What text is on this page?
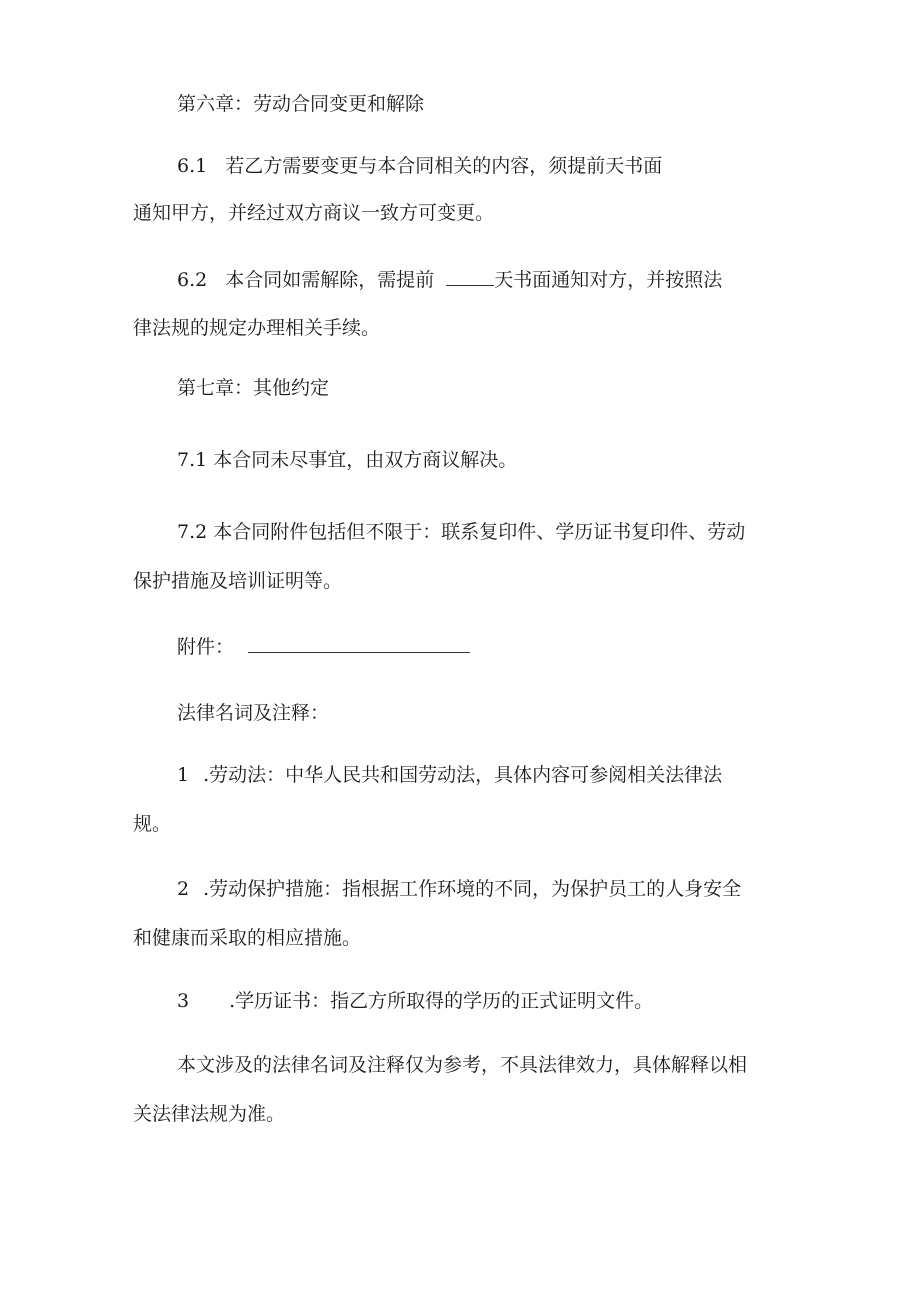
第六章：劳动合同变更和解除
6.1 若乙方需要变更与本合同相关的内容，须提前天书面
通知甲方，并经过双方商议一致方可变更。
6.2 本合同如需解除，需提前	天书面通知对方，并按照法
律法规的规定办理相关手续。
第七章：其他约定
7.1 本合同未尽事宜，由双方商议解决。
7.2 本合同附件包括但不限于：联系复印件、学历证书复印件、劳动
保护措施及培训证明等。
附件：
法律名词及注释：
1 .劳动法：中华人民共和国劳动法，具体内容可参阅相关法律法
规。
2 .劳动保护措施：指根据工作环境的不同，为保护员工的人身安全
和健康而采取的相应措施。
3 .学历证书：指乙方所取得的学历的正式证明文件。
本文涉及的法律名词及注释仅为参考，不具法律效力，具体解释以相
关法律法规为准。
